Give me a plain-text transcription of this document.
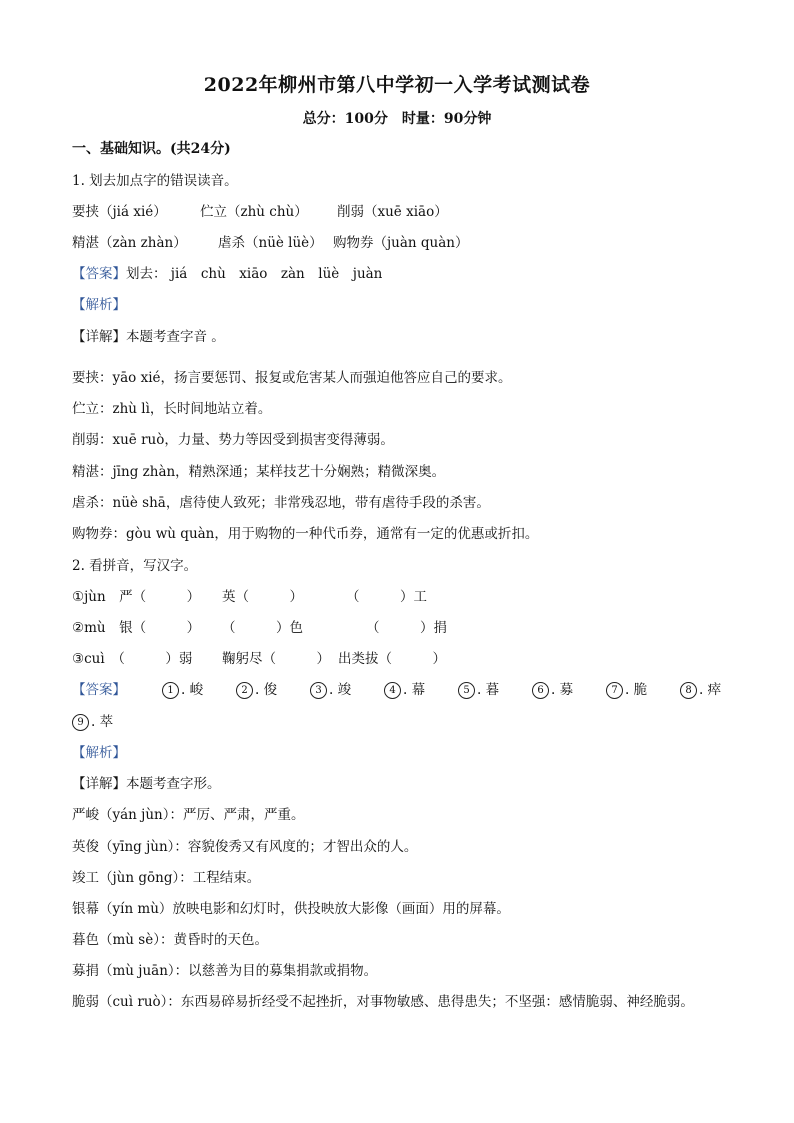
2022年柳州市第八中学初一入学考试测试卷
总分：100分　时量：90分钟
一、基础知识。(共24分)
1. 划去加点字的错误读音。
要挟（jiá xié） 伫立（zhù chù） 削弱（xuē xiāo）
精湛（zàn zhàn） 虐杀（nüè lüè） 购物券（juàn quàn）
【答案】划去： jiá　chù　xiāo　zàn　lüè　juàn
【解析】
【详解】本题考查字音 。
要挟：yāo xié，扬言要惩罚、报复或危害某人而强迫他答应自己的要求。
伫立：zhù lì，长时间地站立着。
削弱：xuē ruò，力量、势力等因受到损害变得薄弱。
精湛：jīng zhàn，精熟深通；某样技艺十分娴熟；精微深奥。
虐杀：nüè shā，虐待使人致死；非常残忍地，带有虐待手段的杀害。
购物券：gòu wù quàn，用于购物的一种代币券，通常有一定的优惠或折扣。
2. 看拼音，写汉字。
①jùn　严（　　　） 英（　　　）	（　　　）工
②mù　银（　　　） （　　　）色	（　　　）捐
③cuì　（　　　）弱 鞠躬尽（　　　） 出类拔（　　　）
【答案】	1 . 峻	2 . 俊	3 . 竣	4 . 幕	5 . 暮	6 . 募	7 . 脆	8 . 瘁
9 . 萃
【解析】
【详解】本题考查字形。
严峻（yán jùn）：严厉、严肃，严重。
英俊（yīng jùn）：容貌俊秀又有风度的；才智出众的人。
竣工（jùn gōng）：工程结束。
银幕（yín mù）放映电影和幻灯时，供投映放大影像（画面）用的屏幕。
暮色（mù sè）：黄昏时的天色。
募捐（mù juān）：以慈善为目的募集捐款或捐物。
脆弱（cuì ruò）：东西易碎易折经受不起挫折，对事物敏感、患得患失；不坚强：感情脆弱、神经脆弱。
